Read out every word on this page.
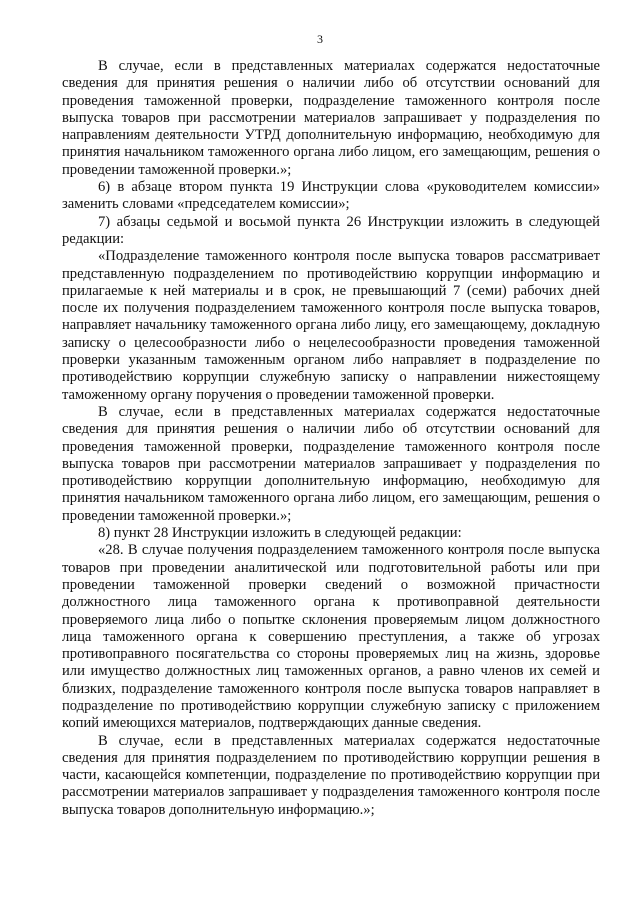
3

В случае, если в представленных материалах содержатся недостаточные сведения для принятия решения о наличии либо об отсутствии оснований для проведения таможенной проверки, подразделение таможенного контроля после выпуска товаров при рассмотрении материалов запрашивает у подразделения по направлениям деятельности УТРД дополнительную информацию, необходимую для принятия начальником таможенного органа либо лицом, его замещающим, решения о проведении таможенной проверки.»;

6) в абзаце втором пункта 19 Инструкции слова «руководителем комиссии» заменить словами «председателем комиссии»;

7) абзацы седьмой и восьмой пункта 26 Инструкции изложить в следующей редакции:

«Подразделение таможенного контроля после выпуска товаров рассматривает представленную подразделением по противодействию коррупции информацию и прилагаемые к ней материалы и в срок, не превышающий 7 (семи) рабочих дней после их получения подразделением таможенного контроля после выпуска товаров, направляет начальнику таможенного органа либо лицу, его замещающему, докладную записку о целесообразности либо о нецелесообразности проведения таможенной проверки указанным таможенным органом либо направляет в подразделение по противодействию коррупции служебную записку о направлении нижестоящему таможенному органу поручения о проведении таможенной проверки.

В случае, если в представленных материалах содержатся недостаточные сведения для принятия решения о наличии либо об отсутствии оснований для проведения таможенной проверки, подразделение таможенного контроля после выпуска товаров при рассмотрении материалов запрашивает у подразделения по противодействию коррупции дополнительную информацию, необходимую для принятия начальником таможенного органа либо лицом, его замещающим, решения о проведении таможенной проверки.»;

8) пункт 28 Инструкции изложить в следующей редакции:

«28. В случае получения подразделением таможенного контроля после выпуска товаров при проведении аналитической или подготовительной работы или при проведении таможенной проверки сведений о возможной причастности должностного лица таможенного органа к противоправной деятельности проверяемого лица либо о попытке склонения проверяемым лицом должностного лица таможенного органа к совершению преступления, а также об угрозах противоправного посягательства со стороны проверяемых лиц на жизнь, здоровье или имущество должностных лиц таможенных органов, а равно членов их семей и близких, подразделение таможенного контроля после выпуска товаров направляет в подразделение по противодействию коррупции служебную записку с приложением копий имеющихся материалов, подтверждающих данные сведения.

В случае, если в представленных материалах содержатся недостаточные сведения для принятия подразделением по противодействию коррупции решения в части, касающейся компетенции, подразделение по противодействию коррупции при рассмотрении материалов запрашивает у подразделения таможенного контроля после выпуска товаров дополнительную информацию.»;
